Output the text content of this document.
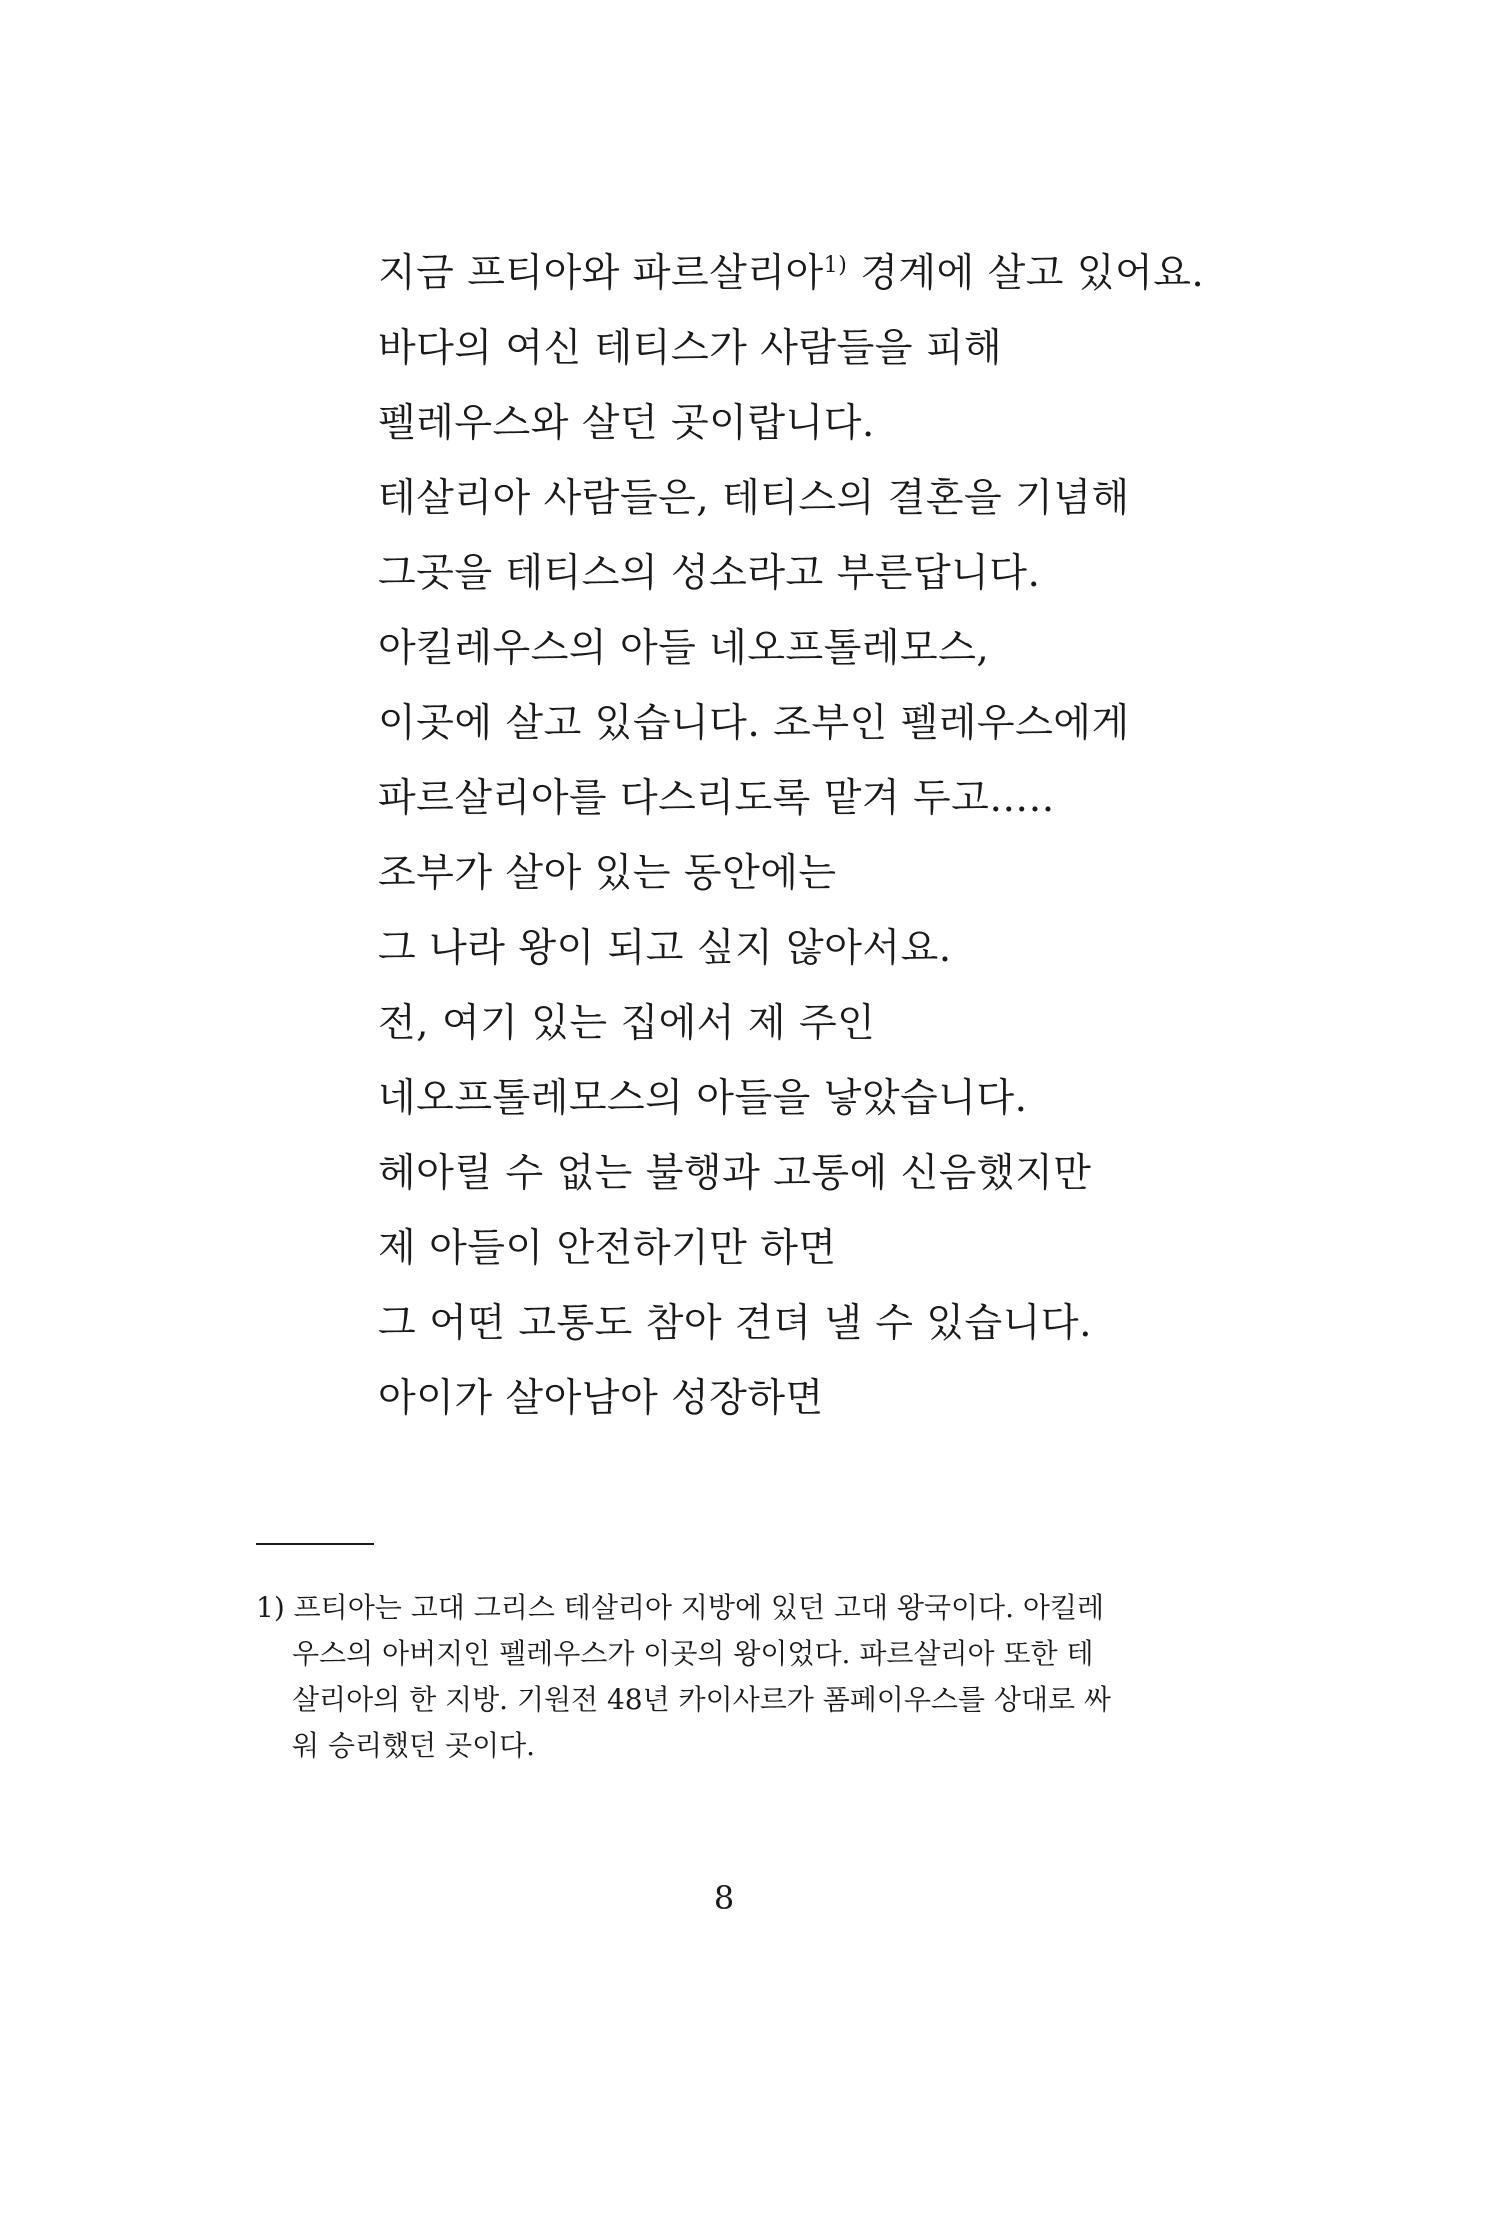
지금 프티아와 파르살리아$^{1)}$ 경계에 살고 있어요.
바다의 여신 테티스가 사람들을 피해
펠레우스와 살던 곳이랍니다.
테살리아 사람들은, 테티스의 결혼을 기념해
그곳을 테티스의 성소라고 부른답니다.
아킬레우스의 아들 네오프톨레모스,
이곳에 살고 있습니다. 조부인 펠레우스에게
파르살리아를 다스리도록 맡겨 두고…..
조부가 살아 있는 동안에는
그 나라 왕이 되고 싶지 않아서요.
전, 여기 있는 집에서 제 주인
네오프톨레모스의 아들을 낳았습니다.
헤아릴 수 없는 불행과 고통에 신음했지만
제 아들이 안전하기만 하면
그 어떤 고통도 참아 견뎌 낼 수 있습니다.
아이가 살아남아 성장하면
1) 프티아는 고대 그리스 테살리아 지방에 있던 고대 왕국이다. 아킬레
우스의 아버지인 펠레우스가 이곳의 왕이었다. 파르살리아 또한 테
살리아의 한 지방. 기원전 48년 카이사르가 폼페이우스를 상대로 싸
워 승리했던 곳이다.
8
